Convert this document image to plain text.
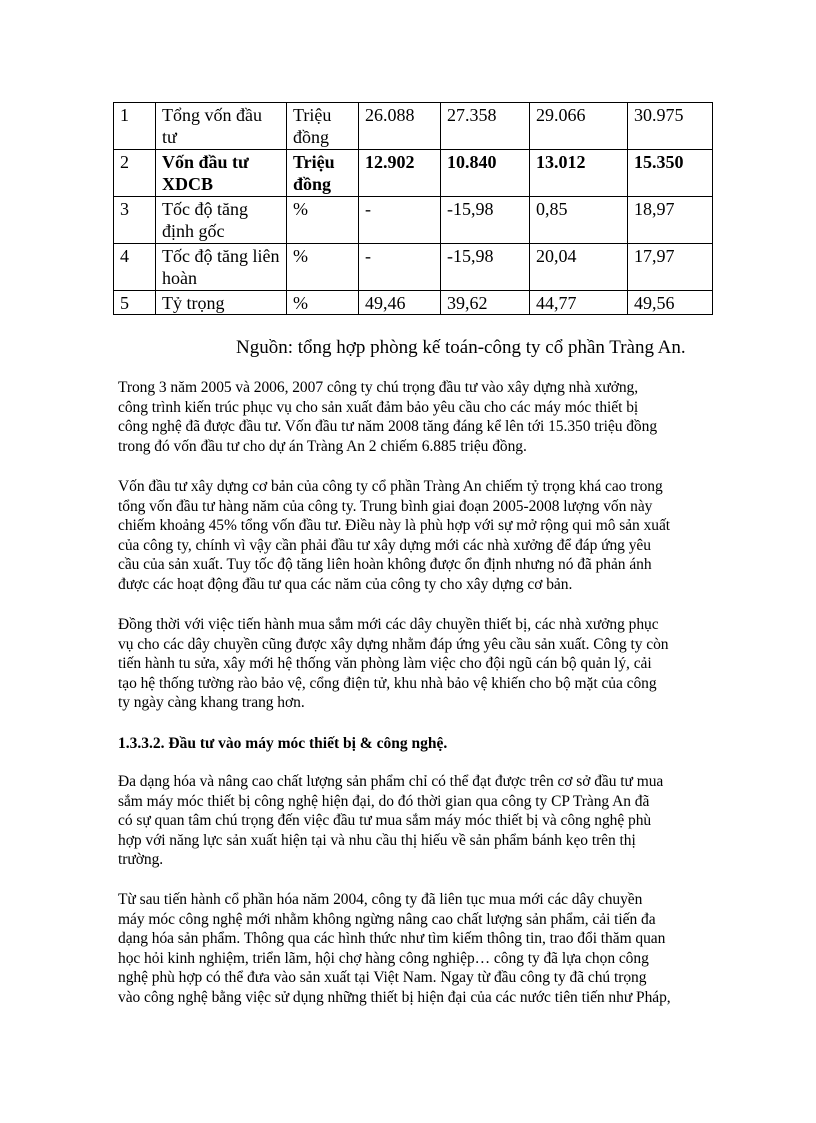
1	Tổng vốn đầu tư	Triệu đồng	26.088	27.358	29.066	30.975
2	Vốn đầu tư XDCB	Triệu đồng	12.902	10.840	13.012	15.350
3	Tốc độ tăng định gốc	%	-	-15,98	0,85	18,97
4	Tốc độ tăng liên hoàn	%	-	-15,98	20,04	17,97
5	Tỷ trọng	%	49,46	39,62	44,77	49,56
Nguồn: tổng hợp phòng kế toán-công ty cổ phần Tràng An.
Trong 3 năm 2005 và 2006, 2007 công ty chú trọng đầu tư vào xây dựng nhà xưởng,
công trình kiến trúc phục vụ cho sản xuất đảm bảo yêu cầu cho các máy móc thiết bị
công nghệ đã được đầu tư. Vốn đầu tư năm 2008 tăng đáng kể lên tới 15.350 triệu đồng
trong đó vốn đầu tư cho dự án Tràng An 2 chiếm 6.885 triệu đồng.
Vốn đầu tư xây dựng cơ bản của công ty cổ phần Tràng An chiếm tỷ trọng khá cao trong
tổng vốn đầu tư hàng năm của công ty. Trung bình giai đoạn 2005-2008 lượng vốn này
chiếm khoảng 45% tổng vốn đầu tư. Điều này là phù hợp với sự mở rộng qui mô sản xuất
của công ty, chính vì vậy cần phải đầu tư xây dựng mới các nhà xưởng để đáp ứng yêu
cầu của sản xuất. Tuy tốc độ tăng liên hoàn không được ổn định nhưng nó đã phản ánh
được các hoạt động đầu tư qua các năm của công ty cho xây dựng cơ bản.
Đồng thời với việc tiến hành mua sắm mới các dây chuyền thiết bị, các nhà xưởng phục
vụ cho các dây chuyền cũng được xây dựng nhằm đáp ứng yêu cầu sản xuất. Công ty còn
tiến hành tu sửa, xây mới hệ thống văn phòng làm việc cho đội ngũ cán bộ quản lý, cải
tạo hệ thống tường rào bảo vệ, cổng điện tử, khu nhà bảo vệ khiến cho bộ mặt của công
ty ngày càng khang trang hơn.
1.3.3.2. Đầu tư vào máy móc thiết bị & công nghệ.
Đa dạng hóa và nâng cao chất lượng sản phẩm chỉ có thể đạt được trên cơ sở đầu tư mua
sắm máy móc thiết bị công nghệ hiện đại, do đó thời gian qua công ty CP Tràng An đã
có sự quan tâm chú trọng đến việc đầu tư mua sắm máy móc thiết bị và công nghệ phù
hợp với năng lực sản xuất hiện tại và nhu cầu thị hiếu về sản phẩm bánh kẹo trên thị
trường.
Từ sau tiến hành cổ phần hóa năm 2004, công ty đã liên tục mua mới các dây chuyền
máy móc công nghệ mới nhằm không ngừng nâng cao chất lượng sản phẩm, cải tiến đa
dạng hóa sản phẩm. Thông qua các hình thức như tìm kiếm thông tin, trao đổi thăm quan
học hỏi kinh nghiệm, triển lãm, hội chợ hàng công nghiệp… công ty đã lựa chọn công
nghệ phù hợp có thể đưa vào sản xuất tại Việt Nam. Ngay từ đầu công ty đã chú trọng
vào công nghệ bằng việc sử dụng những thiết bị hiện đại của các nước tiên tiến như Pháp,
